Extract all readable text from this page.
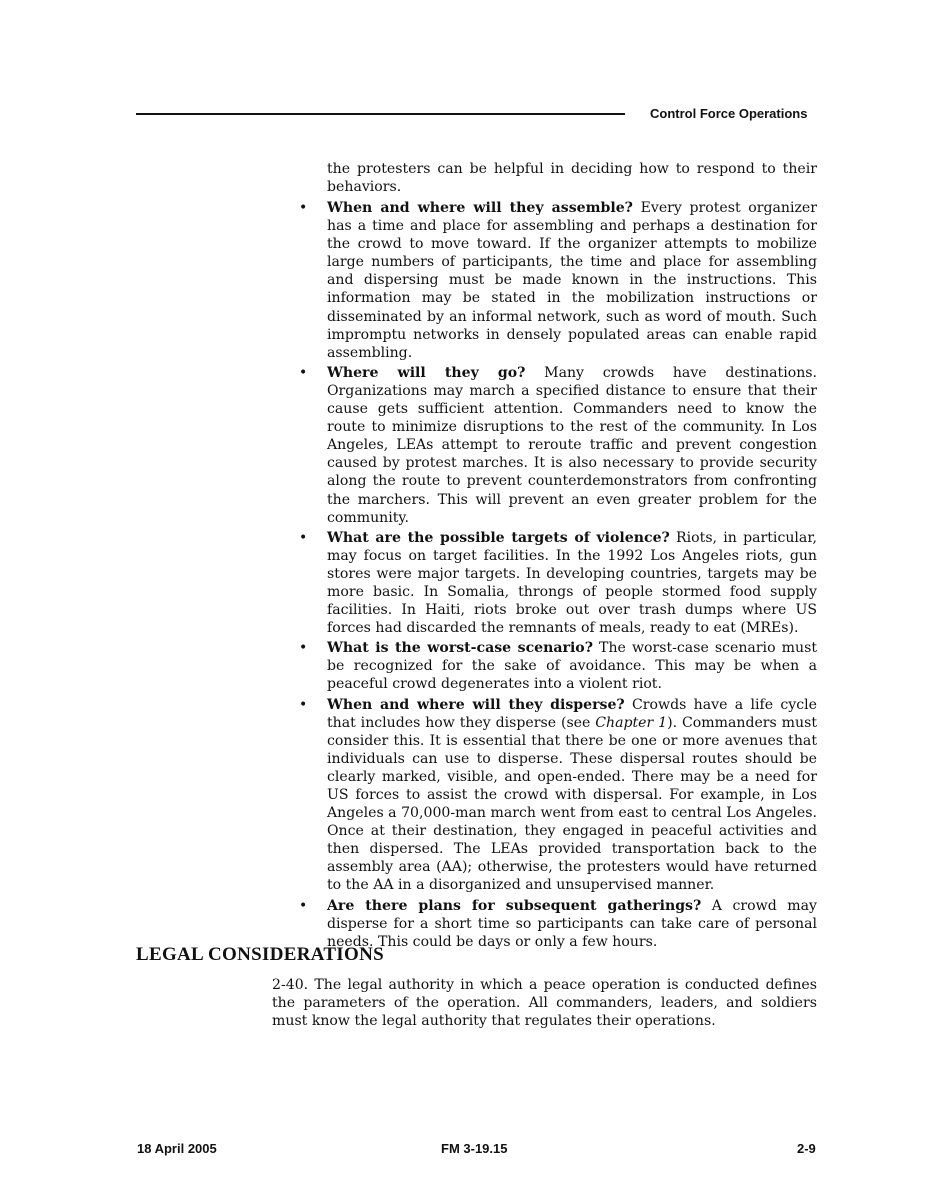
Control Force Operations
the protesters can be helpful in deciding how to respond to their behaviors.
• When and where will they assemble? Every protest organizer has a time and place for assembling and perhaps a destination for the crowd to move toward. If the organizer attempts to mobilize large numbers of participants, the time and place for assembling and dispersing must be made known in the instructions. This information may be stated in the mobilization instructions or disseminated by an informal network, such as word of mouth. Such impromptu networks in densely populated areas can enable rapid assembling.
• Where will they go? Many crowds have destinations. Organizations may march a specified distance to ensure that their cause gets sufficient attention. Commanders need to know the route to minimize disruptions to the rest of the community. In Los Angeles, LEAs attempt to reroute traffic and prevent congestion caused by protest marches. It is also necessary to provide security along the route to prevent counterdemonstrators from confronting the marchers. This will prevent an even greater problem for the community.
• What are the possible targets of violence? Riots, in particular, may focus on target facilities. In the 1992 Los Angeles riots, gun stores were major targets. In developing countries, targets may be more basic. In Somalia, throngs of people stormed food supply facilities. In Haiti, riots broke out over trash dumps where US forces had discarded the remnants of meals, ready to eat (MREs).
• What is the worst-case scenario? The worst-case scenario must be recognized for the sake of avoidance. This may be when a peaceful crowd degenerates into a violent riot.
• When and where will they disperse? Crowds have a life cycle that includes how they disperse (see Chapter 1). Commanders must consider this. It is essential that there be one or more avenues that individuals can use to disperse. These dispersal routes should be clearly marked, visible, and open-ended. There may be a need for US forces to assist the crowd with dispersal. For example, in Los Angeles a 70,000-man march went from east to central Los Angeles. Once at their destination, they engaged in peaceful activities and then dispersed. The LEAs provided transportation back to the assembly area (AA); otherwise, the protesters would have returned to the AA in a disorganized and unsupervised manner.
• Are there plans for subsequent gatherings? A crowd may disperse for a short time so participants can take care of personal needs. This could be days or only a few hours.
LEGAL CONSIDERATIONS
2-40. The legal authority in which a peace operation is conducted defines the parameters of the operation. All commanders, leaders, and soldiers must know the legal authority that regulates their operations.
18 April 2005	FM 3-19.15	2-9
